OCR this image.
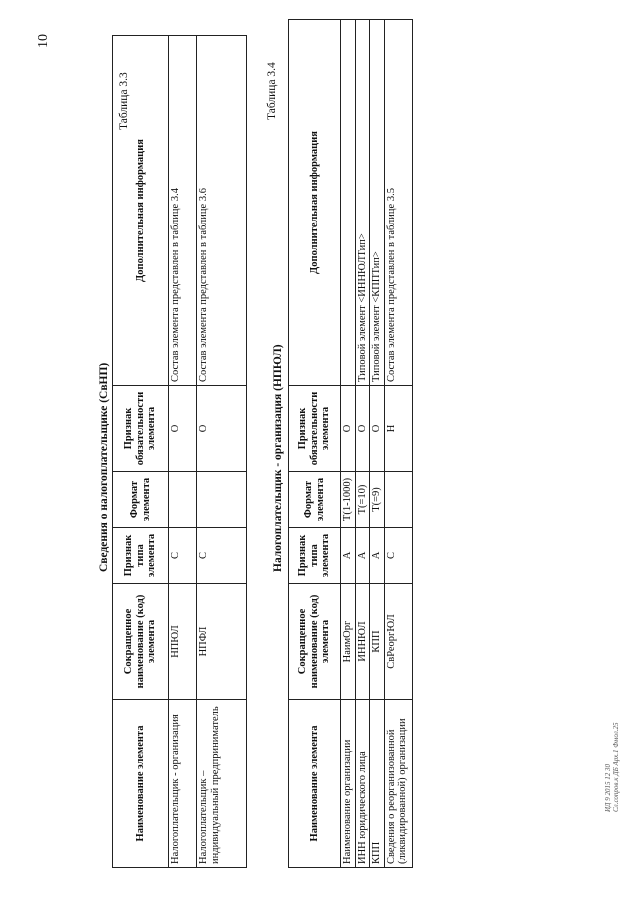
10
Таблица 3.3
Сведения о налогоплательщике (СвНП)
Наименование элемента	Сокращенное наименование (код) элемента	Признак типа элемента	Формат элемента	Признак обязательности элемента	Дополнительная информация
Налогоплательщик - организация	НПЮЛ	С		О	Состав элемента представлен в таблице 3.4
Налогоплательщик – индивидуальный предприниматель	НПФЛ	С		О	Состав элемента представлен в таблице 3.6
Таблица 3.4
Налогоплательщик - организация (НПЮЛ)
Наименование элемента	Сокращенное наименование (код) элемента	Признак типа элемента	Формат элемента	Признак обязательности элемента	Дополнительная информация
Наименование организации	НаимОрг	А	T(1-1000)	О	
ИНН юридического лица	ИННЮЛ	А	T(=10)	О	Типовой элемент <ИННЮЛТип>
КПП	КПП	А	T(=9)	О	Типовой элемент <КППТип>
Сведения о реорганизованной (ликвидированной) организации	СвРеоргЮЛ	С		Н	Состав элемента представлен в таблице 3.5
ИД 9 2015 12 30 Сл.сопров.к ДБ Арх.1 Фмол.25
